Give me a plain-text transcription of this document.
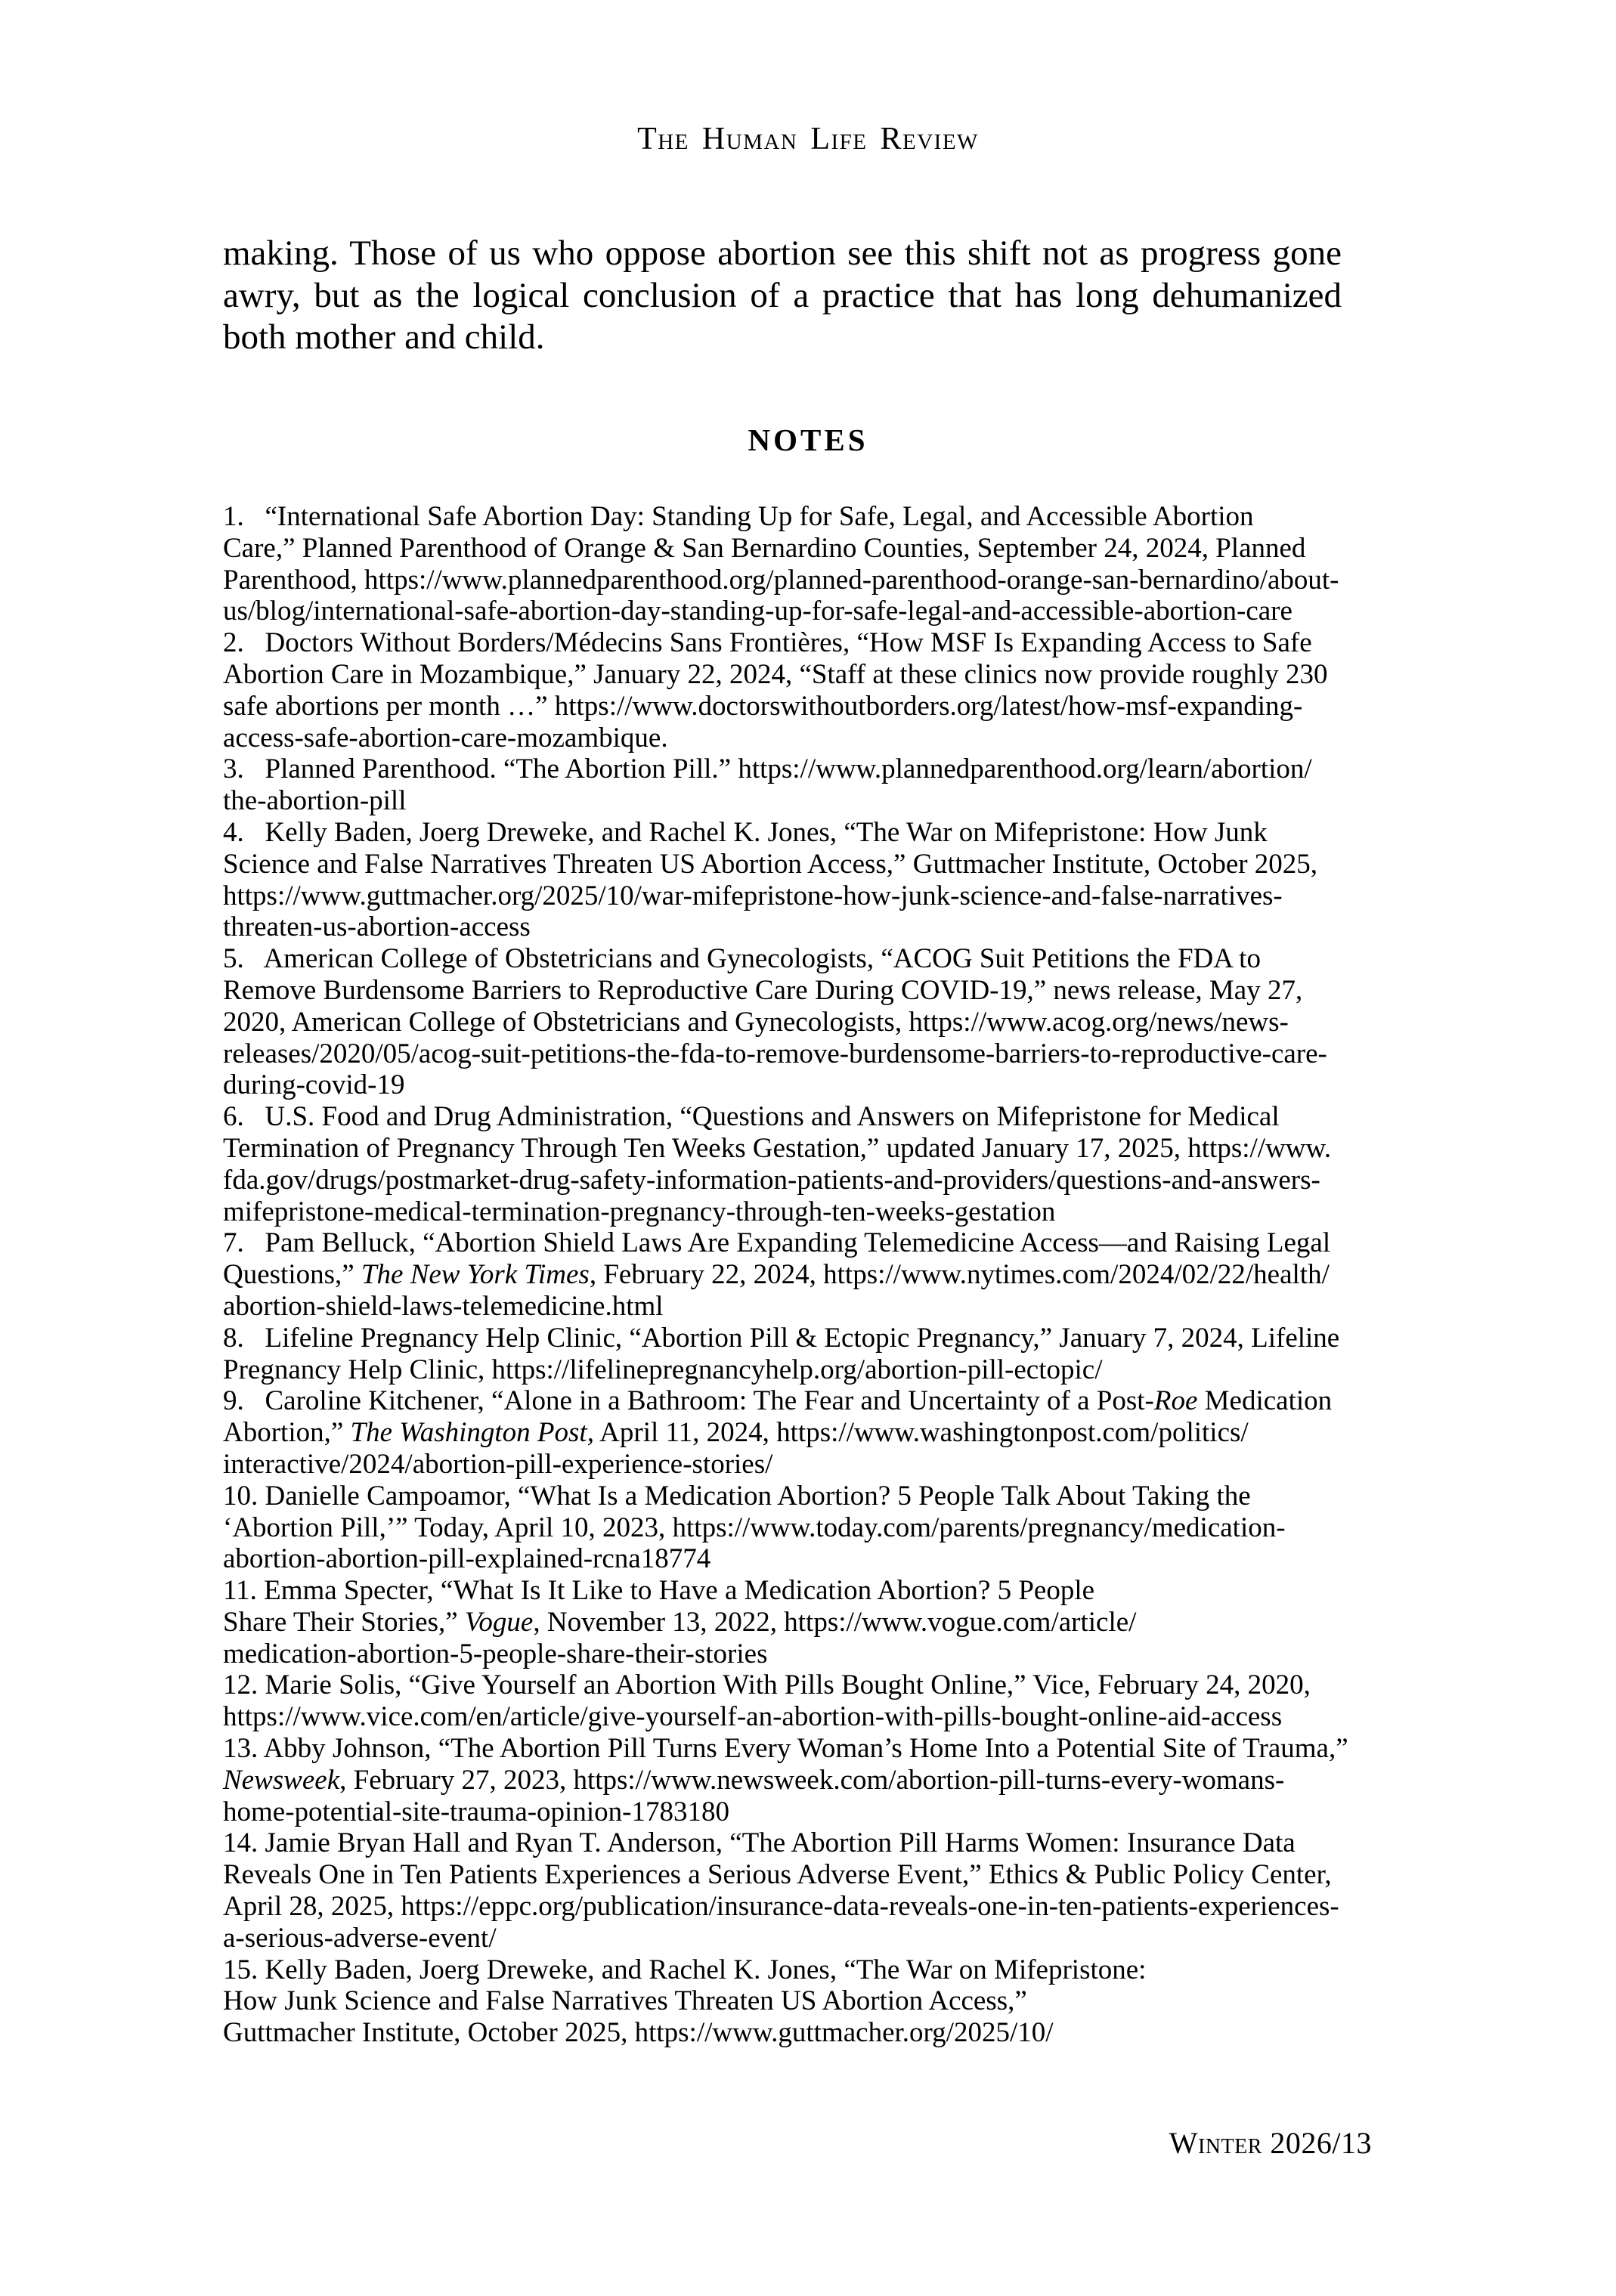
The Human Life Review
making. Those of us who oppose abortion see this shift not as progress gone
awry, but as the logical conclusion of a practice that has long dehumanized
both mother and child.
NOTES
1.   “International Safe Abortion Day: Standing Up for Safe, Legal, and Accessible Abortion
Care,” Planned Parenthood of Orange & San Bernardino Counties, September 24, 2024, Planned
Parenthood, https://www.plannedparenthood.org/planned-parenthood-orange-san-bernardino/about-
us/blog/international-safe-abortion-day-standing-up-for-safe-legal-and-accessible-abortion-care
2.   Doctors Without Borders/Médecins Sans Frontières, “How MSF Is Expanding Access to Safe
Abortion Care in Mozambique,” January 22, 2024, “Staff at these clinics now provide roughly 230
safe abortions per month …” https://www.doctorswithoutborders.org/latest/how-msf-expanding-
access-safe-abortion-care-mozambique.
3.   Planned Parenthood. “The Abortion Pill.” https://www.plannedparenthood.org/learn/abortion/
the-abortion-pill
4.   Kelly Baden, Joerg Dreweke, and Rachel K. Jones, “The War on Mifepristone: How Junk
Science and False Narratives Threaten US Abortion Access,” Guttmacher Institute, October 2025,
https://www.guttmacher.org/2025/10/war-mifepristone-how-junk-science-and-false-narratives-
threaten-us-abortion-access
5.   American College of Obstetricians and Gynecologists, “ACOG Suit Petitions the FDA to
Remove Burdensome Barriers to Reproductive Care During COVID-19,” news release, May 27,
2020, American College of Obstetricians and Gynecologists, https://www.acog.org/news/news-
releases/2020/05/acog-suit-petitions-the-fda-to-remove-burdensome-barriers-to-reproductive-care-
during-covid-19
6.   U.S. Food and Drug Administration, “Questions and Answers on Mifepristone for Medical
Termination of Pregnancy Through Ten Weeks Gestation,” updated January 17, 2025, https://www.
fda.gov/drugs/postmarket-drug-safety-information-patients-and-providers/questions-and-answers-
mifepristone-medical-termination-pregnancy-through-ten-weeks-gestation
7.   Pam Belluck, “Abortion Shield Laws Are Expanding Telemedicine Access—and Raising Legal
Questions,” The New York Times, February 22, 2024, https://www.nytimes.com/2024/02/22/health/
abortion-shield-laws-telemedicine.html
8.   Lifeline Pregnancy Help Clinic, “Abortion Pill & Ectopic Pregnancy,” January 7, 2024, Lifeline
Pregnancy Help Clinic, https://lifelinepregnancyhelp.org/abortion-pill-ectopic/
9.   Caroline Kitchener, “Alone in a Bathroom: The Fear and Uncertainty of a Post-Roe Medication
Abortion,” The Washington Post, April 11, 2024, https://www.washingtonpost.com/politics/
interactive/2024/abortion-pill-experience-stories/
10. Danielle Campoamor, “What Is a Medication Abortion? 5 People Talk About Taking the
‘Abortion Pill,’” Today, April 10, 2023, https://www.today.com/parents/pregnancy/medication-
abortion-abortion-pill-explained-rcna18774
11. Emma Specter, “What Is It Like to Have a Medication Abortion? 5 People
Share Their Stories,” Vogue, November 13, 2022, https://www.vogue.com/article/
medication-abortion-5-people-share-their-stories
12. Marie Solis, “Give Yourself an Abortion With Pills Bought Online,” Vice, February 24, 2020,
https://www.vice.com/en/article/give-yourself-an-abortion-with-pills-bought-online-aid-access
13. Abby Johnson, “The Abortion Pill Turns Every Woman’s Home Into a Potential Site of Trauma,”
Newsweek, February 27, 2023, https://www.newsweek.com/abortion-pill-turns-every-womans-
home-potential-site-trauma-opinion-1783180
14. Jamie Bryan Hall and Ryan T. Anderson, “The Abortion Pill Harms Women: Insurance Data
Reveals One in Ten Patients Experiences a Serious Adverse Event,” Ethics & Public Policy Center,
April 28, 2025, https://eppc.org/publication/insurance-data-reveals-one-in-ten-patients-experiences-
a-serious-adverse-event/
15. Kelly Baden, Joerg Dreweke, and Rachel K. Jones, “The War on Mifepristone:
How Junk Science and False Narratives Threaten US Abortion Access,”
Guttmacher Institute, October 2025, https://www.guttmacher.org/2025/10/
Winter 2026/13
